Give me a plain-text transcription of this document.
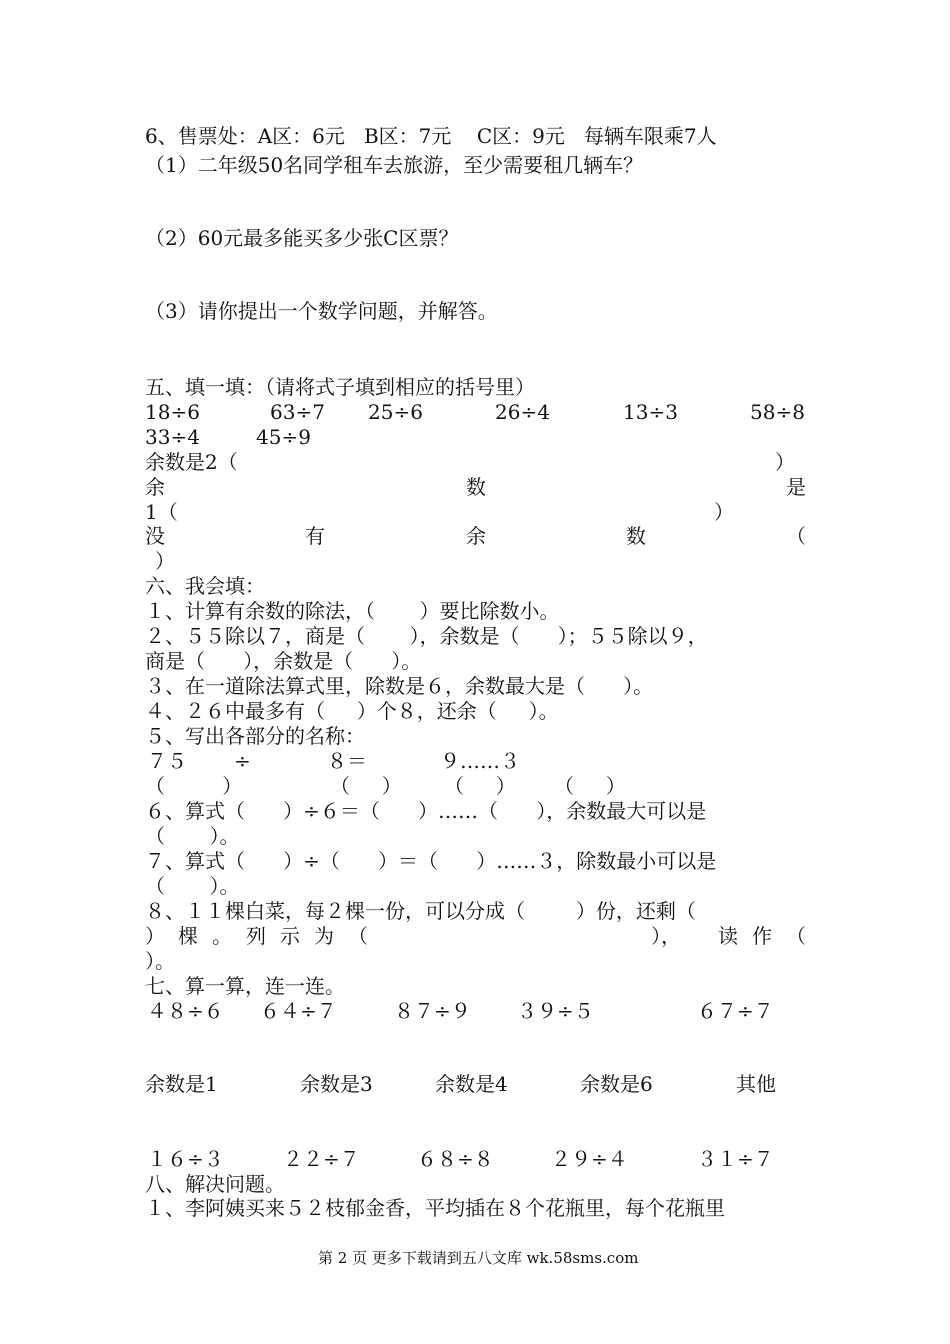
6、售票处：A区：6元   B区：7元    C区：9元   每辆车限乘7人
（1）二年级50名同学租车去旅游，至少需要租几辆车？
（2）60元最多能买多少张C区票？
（3）请你提出一个数学问题，并解答。
五、填一填：（请将式子填到相应的括号里）
18÷6	63÷7 25÷6	26÷4	13÷3	58÷8
33÷4	45÷9
余数是2（	）
余	数	是
1（	）
没	有	余	数	（
）
六、我会填：
１、计算有余数的除法，（       ）要比除数小。
２、５５除以７，商是（       ），余数是（      ）；５５除以９，
商是（      ），余数是（      ）。
３、在一道除法算式里，除数是６，余数最大是（      ）。
４、２６中最多有（     ）个８，还余（     ）。
５、写出各部分的名称：
７５ ÷	８＝	９……３
（         ）	（     ） （     ） （     ）
６、算式（      ）÷６＝（      ）……（      ），余数最大可以是
（       ）。
７、算式（      ）÷（      ）＝（      ）……３，除数最小可以是
（       ）。
８、１１棵白菜，每２棵一份，可以分成（        ）份，还剩（
） 棵 。 列 示 为 （	）， 读 作 （
）。
七、算一算，连一连。
４８÷６ ６４÷７	８７÷９ ３９÷５	６７÷７
余数是1	余数是3	余数是4	余数是6	其他
１６÷３	２２÷７	６８÷８	２９÷４	３１÷７
八、解决问题。
１、李阿姨买来５２枝郁金香，平均插在８个花瓶里，每个花瓶里
第 2 页 更多下载请到五八文库 wk.58sms.com
